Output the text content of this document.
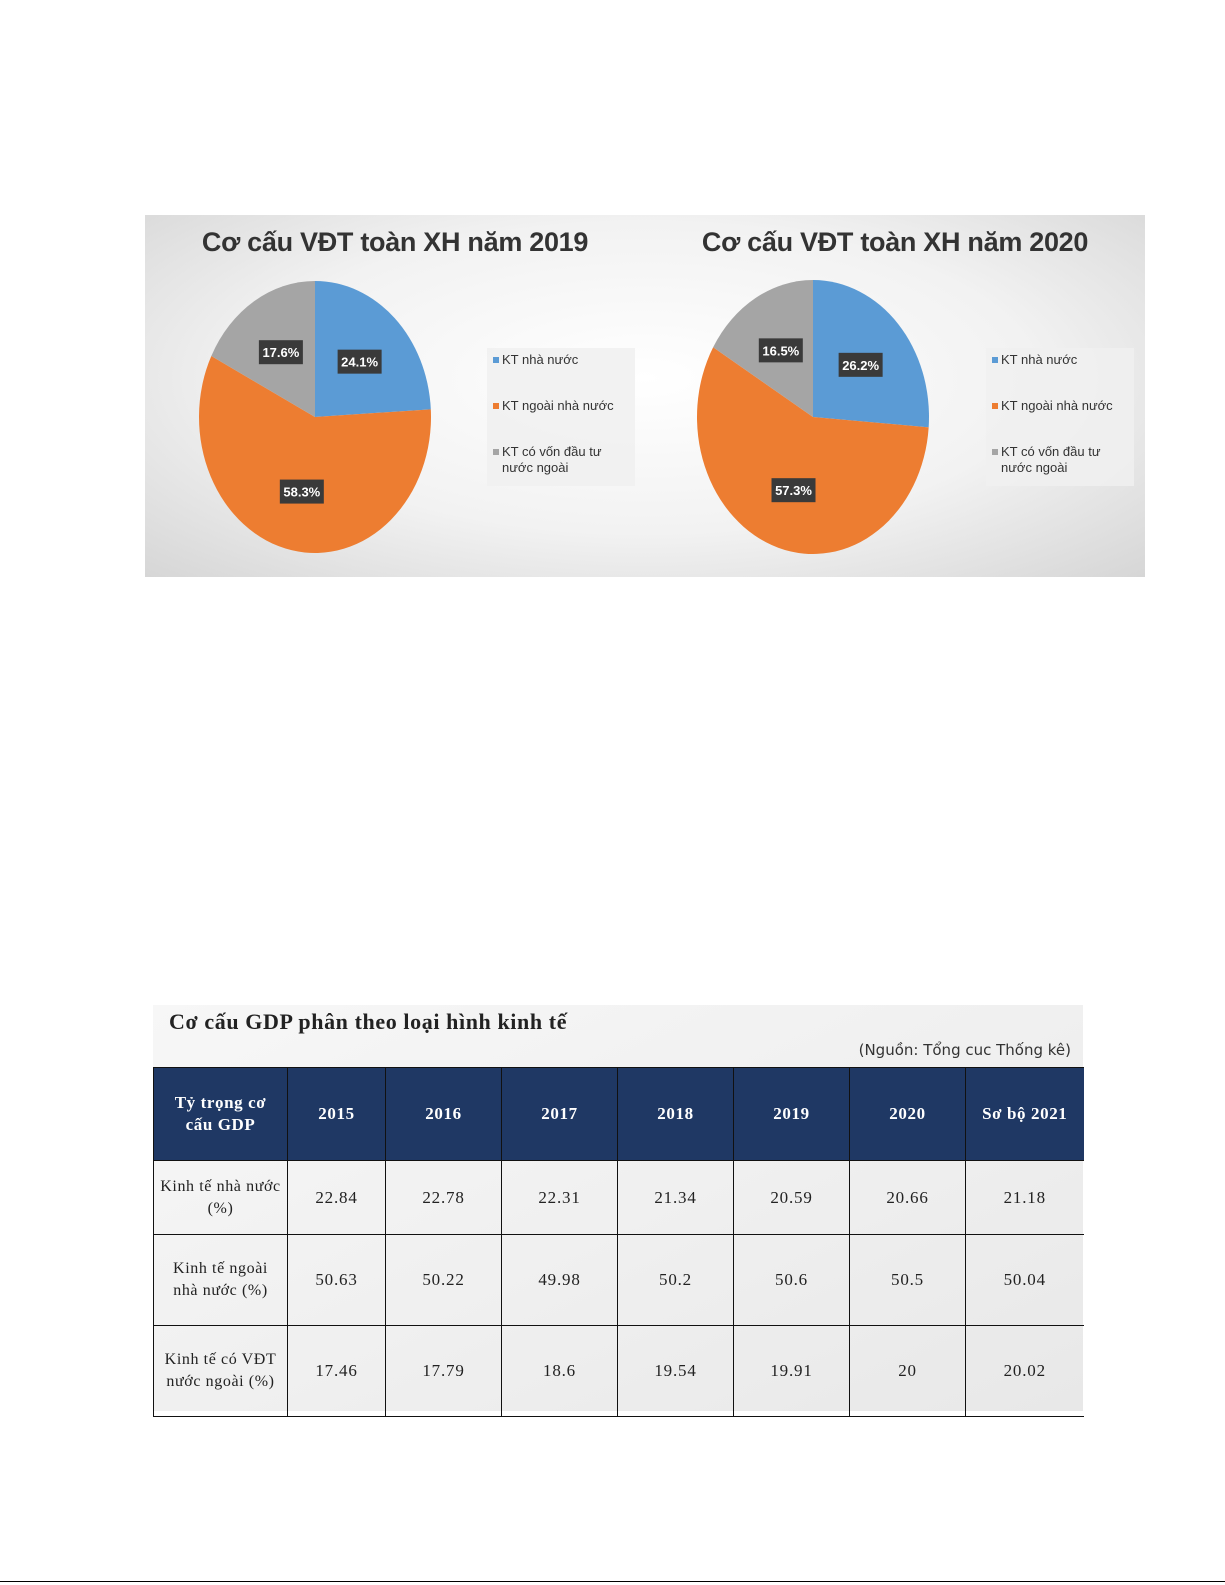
24.1%
58.3%
17.6%
Cơ cấu VĐT toàn XH năm 2019
KT nhà nước
KT ngoài nhà nước
KT có vốn đầu tư nước ngoài
26.2%
57.3%
16.5%
Cơ cấu VĐT toàn XH năm 2020
KT nhà nước
KT ngoài nhà nước
KT có vốn đầu tư nước ngoài
Cơ cấu GDP phân theo loại hình kinh tế
(Nguồn: Tổng cuc Thống kê)
Tỷ trọng cơ cấu GDP	2015	2016	2017	2018	2019	2020	Sơ bộ 2021
Kinh tế nhà nước (%)	22.84	22.78	22.31	21.34	20.59	20.66	21.18
Kinh tế ngoài nhà nước (%)	50.63	50.22	49.98	50.2	50.6	50.5	50.04
Kinh tế có VĐT nước ngoài (%)	17.46	17.79	18.6	19.54	19.91	20	20.02
